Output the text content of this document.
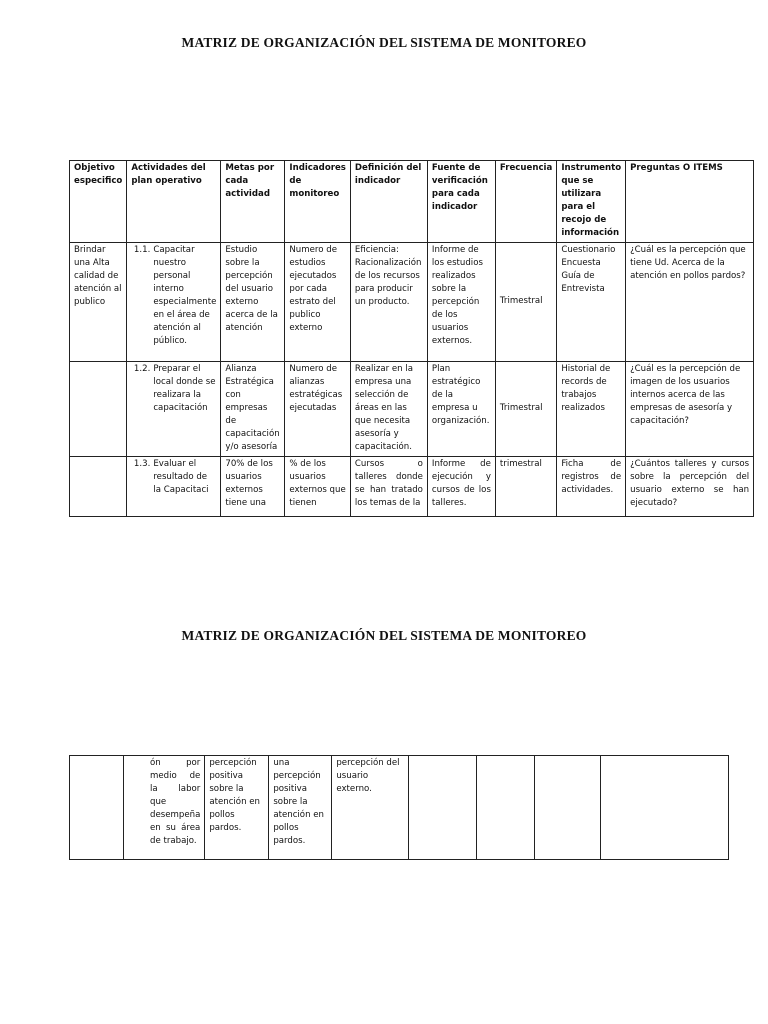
MATRIZ DE ORGANIZACIÓN DEL SISTEMA DE MONITOREO
Objetivo especifico	Actividades del plan operativo	Metas por cada actividad	Indicadores de monitoreo	Definición del indicador	Fuente de verificación para cada indicador	Frecuencia	Instrumento que se utilizara para el recojo de información	Preguntas O ITEMS
Brindar una Alta calidad de atención al publico	1.1. Capacitar nuestro personal interno especialmente en el área de atención al público.	Estudio sobre la percepción del usuario externo acerca de la atención	Numero de estudios ejecutados por cada estrato del publico externo	Eficiencia: Racionalización de los recursos para producir un producto.	Informe de los estudios realizados sobre la percepción de los usuarios externos.	Trimestral	Cuestionario Encuesta Guía de Entrevista	¿Cuál es la percepción que tiene Ud. Acerca de la atención en pollos pardos?

	1.2. Preparar el local donde se realizara la capacitación	Alianza Estratégica con empresas de capacitación y/o asesoría	Numero de alianzas estratégicas ejecutadas	Realizar en la empresa una selección de áreas en las que necesita asesoría y capacitación.	Plan estratégico de la empresa u organización.	Trimestral	Historial de records de trabajos realizados	¿Cuál es la percepción de imagen de los usuarios internos acerca de las empresas de asesoría y capacitación?

	1.3. Evaluar el resultado de la Capacitaci	70% de los usuarios externos tiene una	% de los usuarios externos que tienen	Cursos o talleres donde se han tratado los temas de la	Informe de ejecución y cursos de los talleres.	trimestral	Ficha de registros de actividades.	¿Cuántos talleres y cursos sobre la percepción del usuario externo se han ejecutado?
MATRIZ DE ORGANIZACIÓN DEL SISTEMA DE MONITOREO
	ón por medio de la labor que desempeña en su área de trabajo.	percepción positiva sobre la atención en pollos pardos.	una percepción positiva sobre la atención en pollos pardos.	percepción del usuario externo.				
